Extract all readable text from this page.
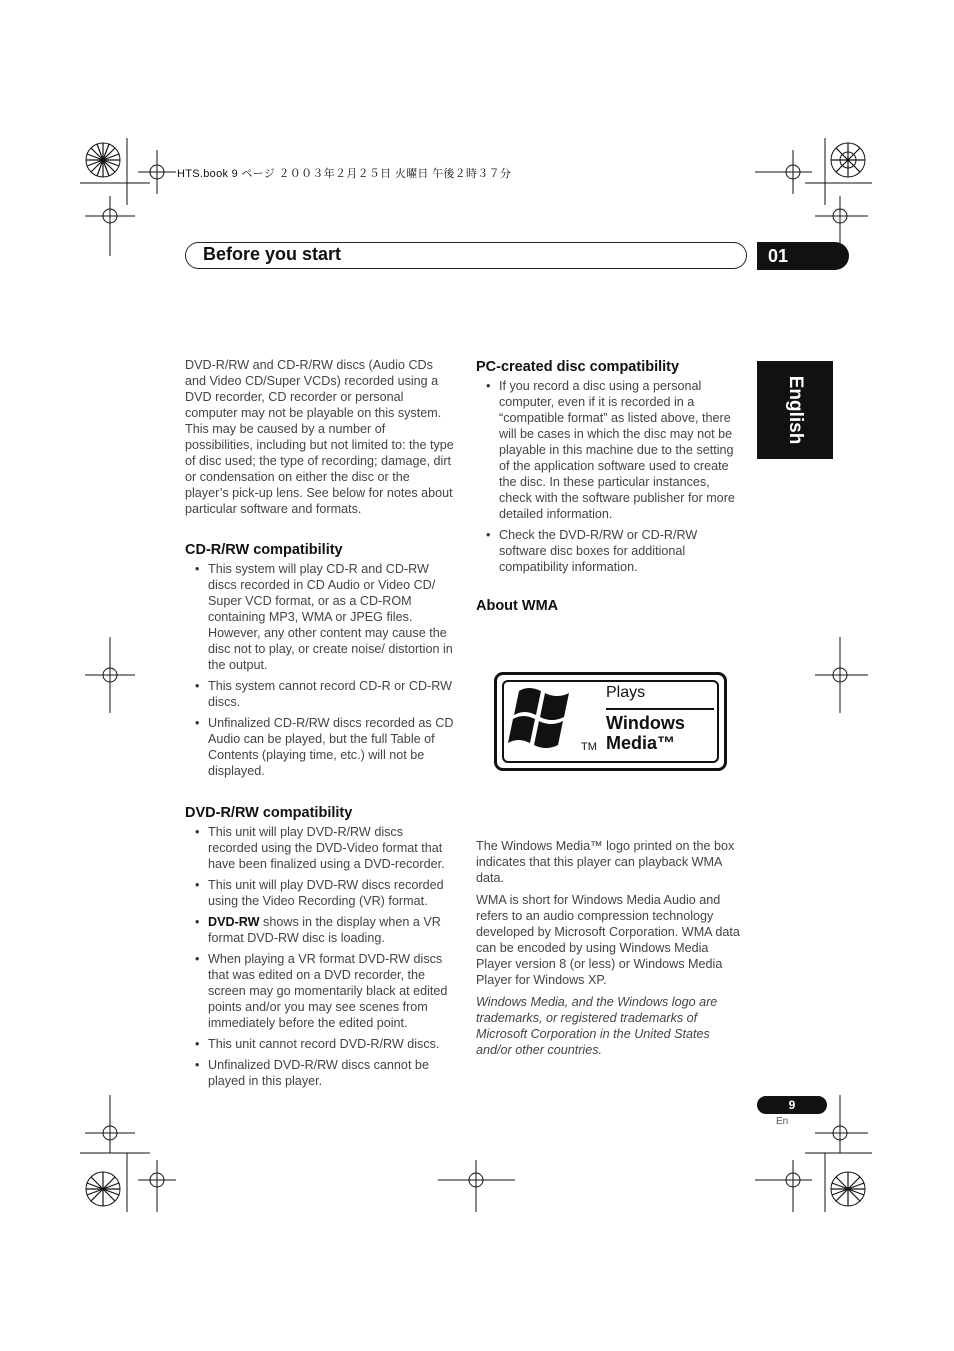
HTS.book 9 ページ ２００３年２月２５日 火曜日 午後２時３７分
Before you start	01
English

DVD-R/RW and CD-R/RW discs (Audio CDs and Video CD/Super VCDs) recorded using a DVD recorder, CD recorder or personal computer may not be playable on this system. This may be caused by a number of possibilities, including but not limited to: the type of disc used; the type of recording; damage, dirt or condensation on either the disc or the player’s pick-up lens. See below for notes about particular software and formats.

CD-R/RW compatibility
• This system will play CD-R and CD-RW discs recorded in CD Audio or Video CD/ Super VCD format, or as a CD-ROM containing MP3, WMA or JPEG files. However, any other content may cause the disc not to play, or create noise/ distortion in the output.
• This system cannot record CD-R or CD-RW discs.
• Unfinalized CD-R/RW discs recorded as CD Audio can be played, but the full Table of Contents (playing time, etc.) will not be displayed.
DVD-R/RW compatibility
• This unit will play DVD-R/RW discs recorded using the DVD-Video format that have been finalized using a DVD-recorder.
• This unit will play DVD-RW discs recorded using the Video Recording (VR) format.
• DVD-RW shows in the display when a VR format DVD-RW disc is loading.
• When playing a VR format DVD-RW discs that was edited on a DVD recorder, the screen may go momentarily black at edited points and/or you may see scenes from immediately before the edited point.
• This unit cannot record DVD-R/RW discs.
• Unfinalized DVD-R/RW discs cannot be played in this player.
PC-created disc compatibility
• If you record a disc using a personal computer, even if it is recorded in a “compatible format” as listed above, there will be cases in which the disc may not be playable in this machine due to the setting of the application software used to create the disc. In these particular instances, check with the software publisher for more detailed information.
• Check the DVD-R/RW or CD-R/RW software disc boxes for additional compatibility information.
About WMA
TM
Plays
Windows
Media™

The Windows Media™ logo printed on the box indicates that this player can playback WMA data.

WMA is short for Windows Media Audio and refers to an audio compression technology developed by Microsoft Corporation. WMA data can be encoded by using Windows Media Player version 8 (or less) or Windows Media Player for Windows XP.

Windows Media, and the Windows logo are trademarks, or registered trademarks of Microsoft Corporation in the United States and/or other countries.

9
En
